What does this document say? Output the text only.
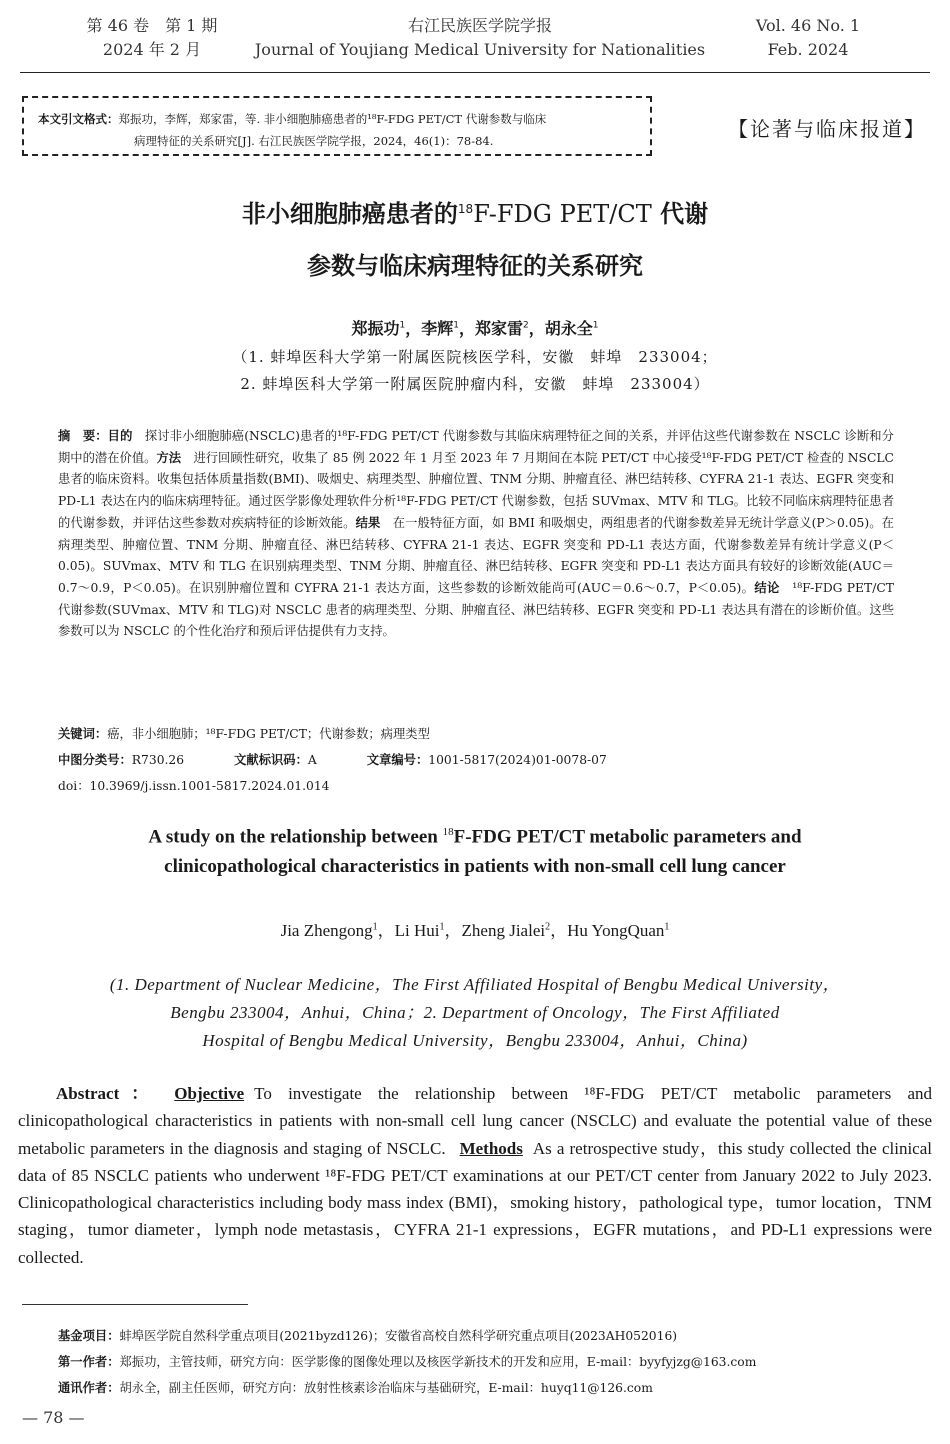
第 46 卷　第 1 期
2024 年 2 月
右江民族医学院学报
Journal of Youjiang Medical University for Nationalities
Vol. 46 No. 1
Feb. 2024
本文引文格式：郑振功，李辉，郑家雷，等. 非小细胞肺癌患者的¹⁸F-FDG PET/CT 代谢参数与临床
病理特征的关系研究[J]. 右江民族医学院学报，2024，46(1)：78-84.	【论著与临床报道】
非小细胞肺癌患者的$^{18}$F-FDG PET/CT 代谢
参数与临床病理特征的关系研究
郑振功$^1$，李辉$^1$，郑家雷$^2$，胡永全$^1$
（1. 蚌埠医科大学第一附属医院核医学科，安徽　蚌埠　233004；
2. 蚌埠医科大学第一附属医院肿瘤内科，安徽　蚌埠　233004）
摘　要：目的　 探讨非小细胞肺癌(NSCLC)患者的¹⁸F-FDG PET/CT 代谢参数与其临床病理特征之间的关系，并评估这些代谢参数在 NSCLC 诊断和分期中的潜在价值。方法　 进行回顾性研究，收集了 85 例 2022 年 1 月至 2023 年 7 月期间在本院 PET/CT 中心接受¹⁸F-FDG PET/CT 检查的 NSCLC 患者的临床资料。收集包括体质量指数(BMI)、吸烟史、病理类型、肿瘤位置、TNM 分期、肿瘤直径、淋巴结转移、CYFRA 21-1 表达、EGFR 突变和 PD-L1 表达在内的临床病理特征。通过医学影像处理软件分析¹⁸F-FDG PET/CT 代谢参数，包括 SUVmax、MTV 和 TLG。比较不同临床病理特征患者的代谢参数，并评估这些参数对疾病特征的诊断效能。结果　 在一般特征方面，如 BMI 和吸烟史，两组患者的代谢参数差异无统计学意义(P＞0.05)。在病理类型、肿瘤位置、TNM 分期、肿瘤直径、淋巴结转移、CYFRA 21-1 表达、EGFR 突变和 PD-L1 表达方面，代谢参数差异有统计学意义(P＜0.05)。SUVmax、MTV 和 TLG 在识别病理类型、TNM 分期、肿瘤直径、淋巴结转移、EGFR 突变和 PD-L1 表达方面具有较好的诊断效能(AUC＝0.7～0.9，P＜0.05)。在识别肿瘤位置和 CYFRA 21-1 表达方面，这些参数的诊断效能尚可(AUC＝0.6～0.7，P＜0.05)。结论　 ¹⁸F-FDG PET/CT 代谢参数(SUVmax、MTV 和 TLG)对 NSCLC 患者的病理类型、分期、肿瘤直径、淋巴结转移、EGFR 突变和 PD-L1 表达具有潜在的诊断价值。这些参数可以为 NSCLC 的个性化治疗和预后评估提供有力支持。
关键词：癌，非小细胞肺；¹⁸F-FDG PET/CT；代谢参数；病理类型
中图分类号：R730.26	文献标识码：A	文章编号：1001-5817(2024)01-0078-07
doi：10.3969/j.issn.1001-5817.2024.01.014
A study on the relationship between $^{18}$F-FDG PET/CT metabolic parameters and
clinicopathological characteristics in patients with non-small cell lung cancer
Jia Zhengong$^1$，Li Hui$^1$，Zheng Jialei$^2$，Hu YongQuan$^1$
(1. Department of Nuclear Medicine，The First Affiliated Hospital of Bengbu Medical University，
Bengbu 233004，Anhui，China；2. Department of Oncology，The First Affiliated
Hospital of Bengbu Medical University，Bengbu 233004，Anhui，China)
Abstract： Objective To investigate the relationship between ¹⁸F-FDG PET/CT metabolic parameters and clinicopathological characteristics in patients with non-small cell lung cancer (NSCLC) and evaluate the potential value of these metabolic parameters in the diagnosis and staging of NSCLC. Methods As a retrospective study，this study collected the clinical data of 85 NSCLC patients who underwent ¹⁸F-FDG PET/CT examinations at our PET/CT center from January 2022 to July 2023. Clinicopathological characteristics including body mass index (BMI)，smoking history，pathological type，tumor location，TNM staging，tumor diameter，lymph node metastasis，CYFRA 21-1 expressions，EGFR mutations，and PD-L1 expressions were collected.
基金项目：蚌埠医学院自然科学重点项目(2021byzd126)；安徽省高校自然科学研究重点项目(2023AH052016)
第一作者：郑振功，主管技师，研究方向：医学影像的图像处理以及核医学新技术的开发和应用，E-mail：byyfyjzg@163.com
通讯作者：胡永全，副主任医师，研究方向：放射性核素诊治临床与基础研究，E-mail：huyq11@126.com
— 78 —
